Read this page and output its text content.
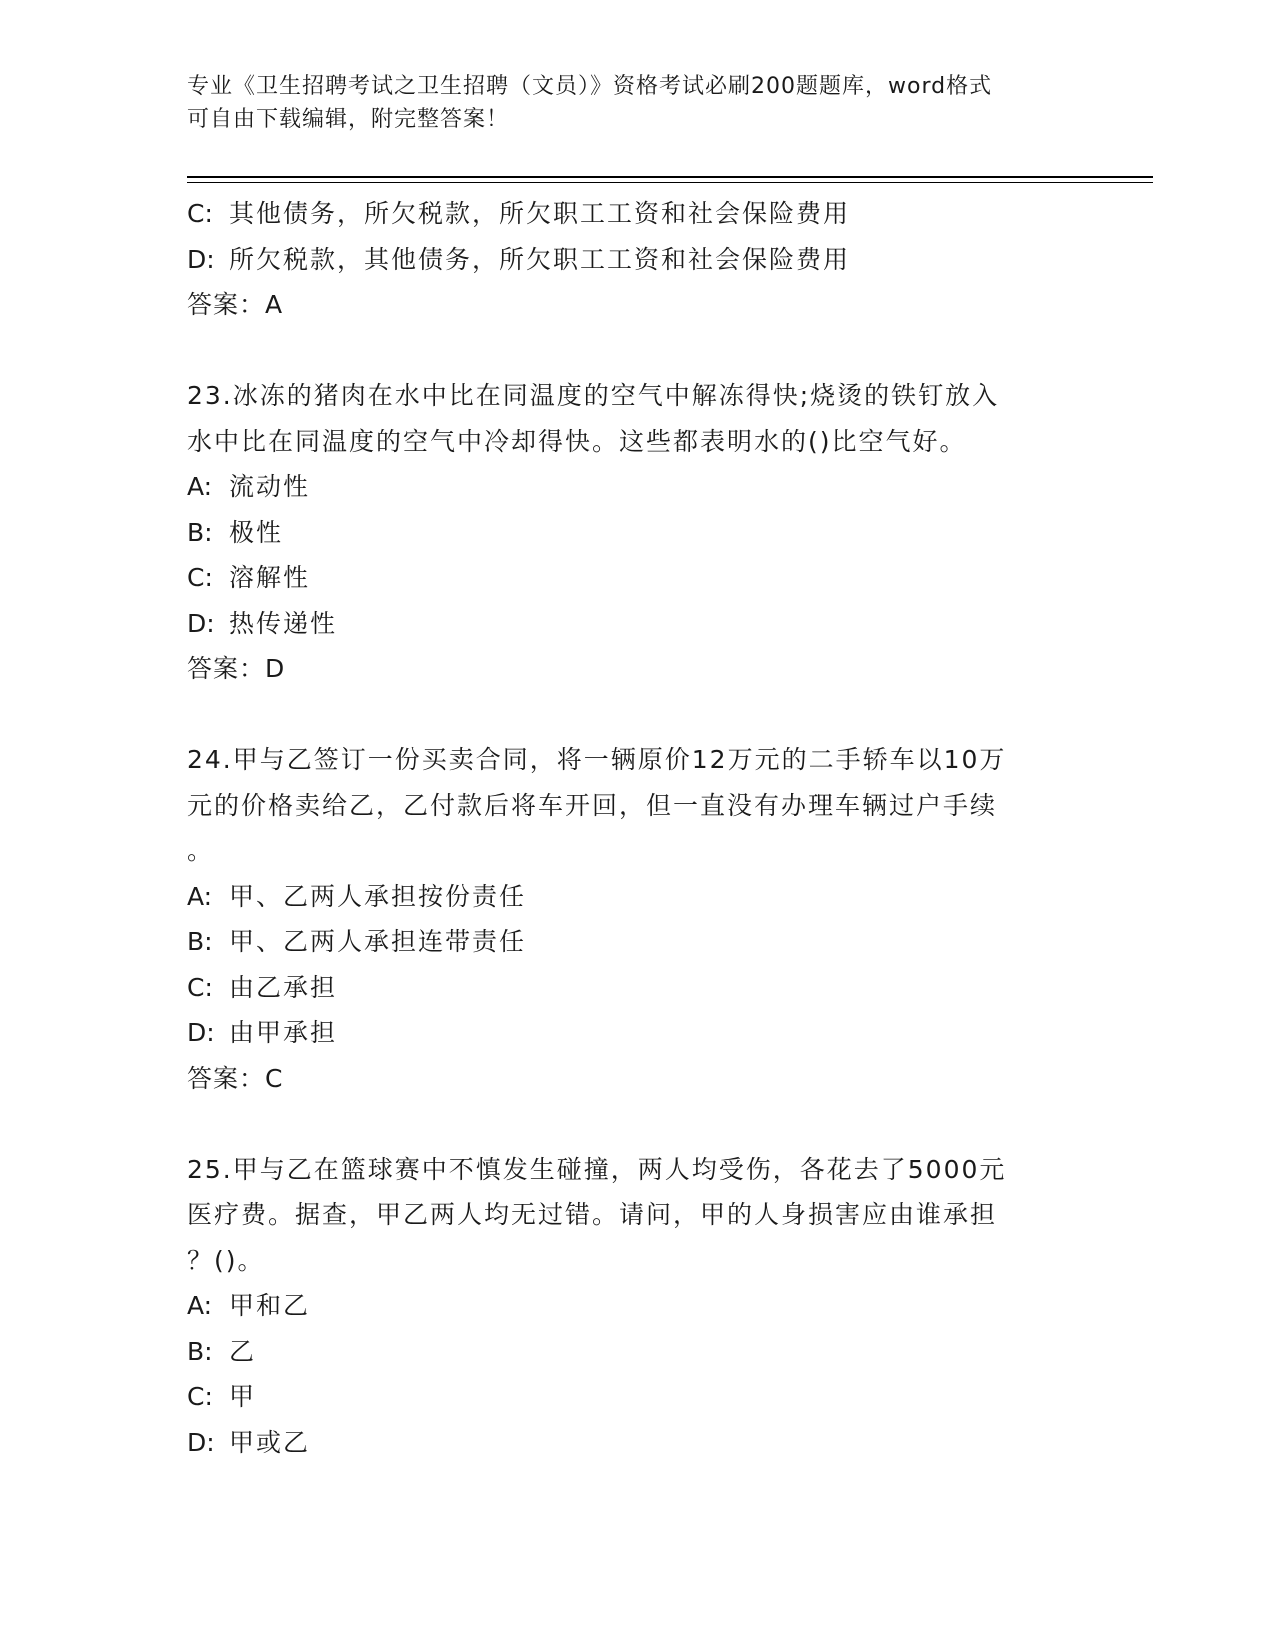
专业《卫生招聘考试之卫生招聘（文员）》资格考试必刷200题题库，word格式
可自由下载编辑，附完整答案！
C: 其他债务，所欠税款，所欠职工工资和社会保险费用
D: 所欠税款，其他债务，所欠职工工资和社会保险费用
答案：A
23.冰冻的猪肉在水中比在同温度的空气中解冻得快;烧烫的铁钉放入
水中比在同温度的空气中冷却得快。这些都表明水的()比空气好。
A: 流动性
B: 极性
C: 溶解性
D: 热传递性
答案：D
24.甲与乙签订一份买卖合同，将一辆原价12万元的二手轿车以10万
元的价格卖给乙，乙付款后将车开回，但一直没有办理车辆过户手续
。
A: 甲、乙两人承担按份责任
B: 甲、乙两人承担连带责任
C: 由乙承担
D: 由甲承担
答案：C
25.甲与乙在篮球赛中不慎发生碰撞，两人均受伤，各花去了5000元
医疗费。据查，甲乙两人均无过错。请问，甲的人身损害应由谁承担
？()。
A: 甲和乙
B: 乙
C: 甲
D: 甲或乙
